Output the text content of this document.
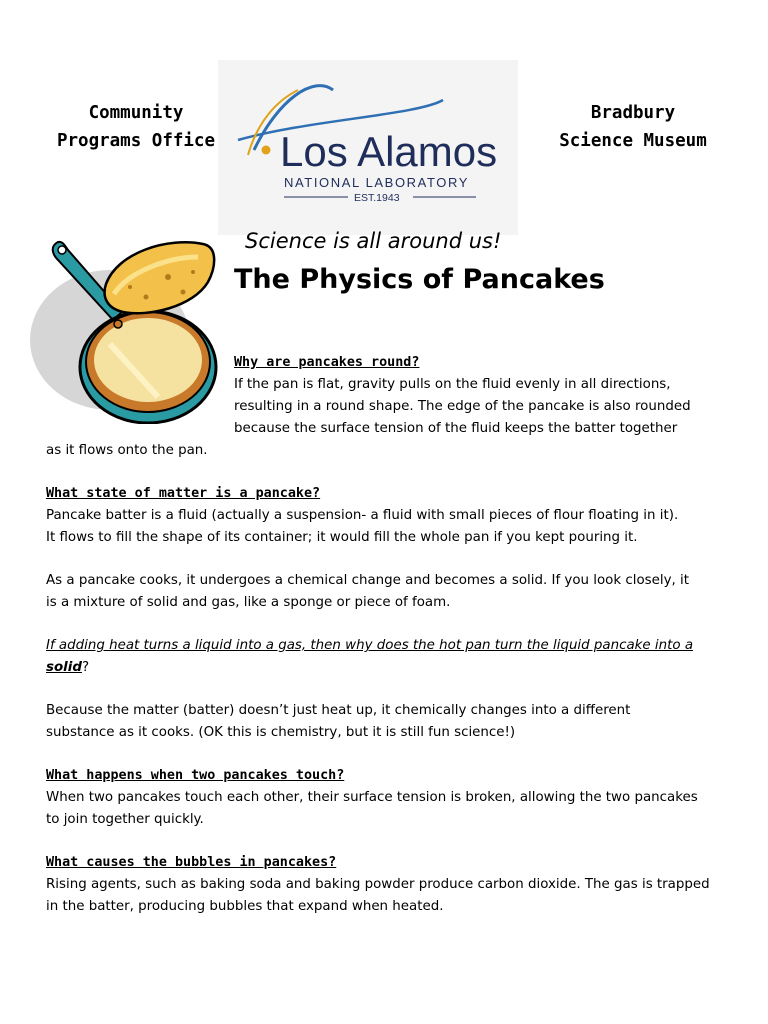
Community
Programs Office
Bradbury
Science Museum
Los Alamos
NATIONAL LABORATORY
EST.1943
Science is all around us!
The Physics of Pancakes
Why are pancakes round?
If the pan is flat, gravity pulls on the fluid evenly in all directions,
resulting in a round shape. The edge of the pancake is also rounded
because the surface tension of the fluid keeps the batter together
as it flows onto the pan.
What state of matter is a pancake?
Pancake batter is a fluid (actually a suspension- a fluid with small pieces of flour floating in it).
It flows to fill the shape of its container; it would fill the whole pan if you kept pouring it.
As a pancake cooks, it undergoes a chemical change and becomes a solid. If you look closely, it
is a mixture of solid and gas, like a sponge or piece of foam.
If adding heat turns a liquid into a gas, then why does the hot pan turn the liquid pancake into a
solid?
Because the matter (batter) doesn’t just heat up, it chemically changes into a different
substance as it cooks. (OK this is chemistry, but it is still fun science!)
What happens when two pancakes touch?
When two pancakes touch each other, their surface tension is broken, allowing the two pancakes
to join together quickly.
What causes the bubbles in pancakes?
Rising agents, such as baking soda and baking powder produce carbon dioxide. The gas is trapped
in the batter, producing bubbles that expand when heated.
